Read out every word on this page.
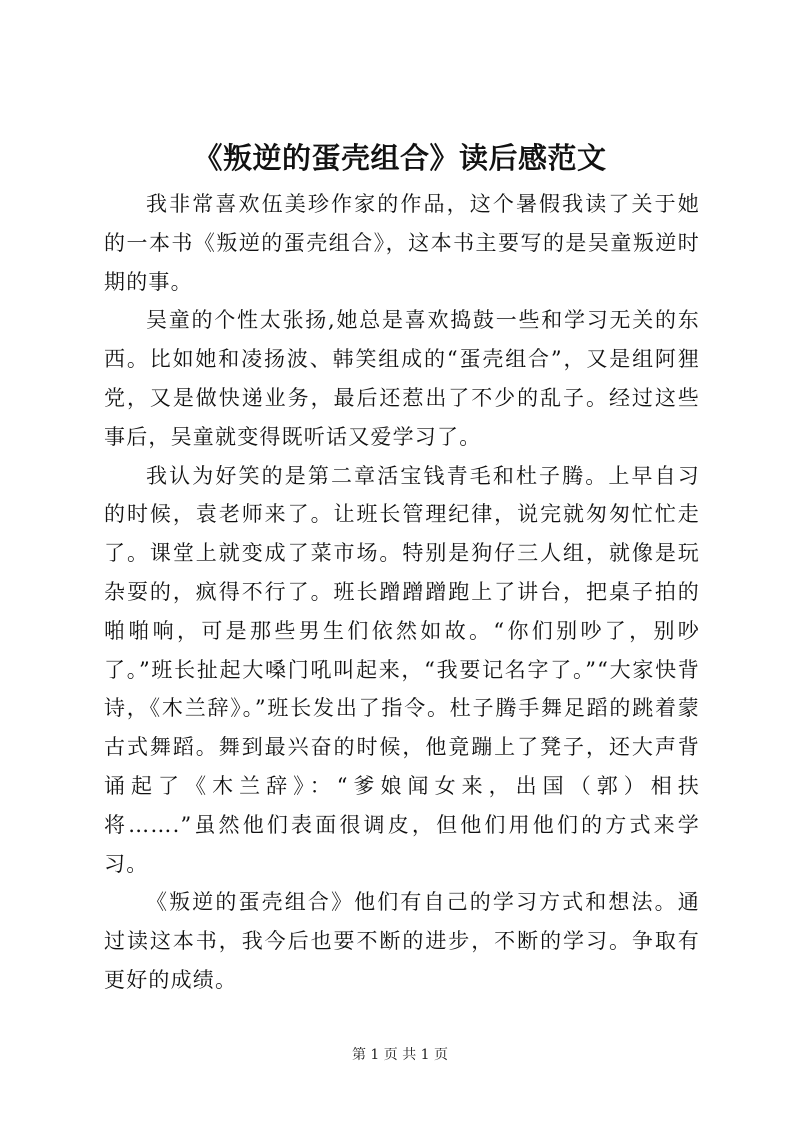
《叛逆的蛋壳组合》读后感范文

我非常喜欢伍美珍作家的作品，这个暑假我读了关于她的一本书《叛逆的蛋壳组合》，这本书主要写的是吴童叛逆时期的事。

吴童的个性太张扬,她总是喜欢捣鼓一些和学习无关的东西。比如她和凌扬波、韩笑组成的“蛋壳组合”，又是组阿狸党，又是做快递业务，最后还惹出了不少的乱子。经过这些事后，吴童就变得既听话又爱学习了。

我认为好笑的是第二章活宝钱青毛和杜子腾。上早自习的时候，袁老师来了。让班长管理纪律，说完就匆匆忙忙走了。课堂上就变成了菜市场。特别是狗仔三人组，就像是玩杂耍的，疯得不行了。班长蹭蹭蹭跑上了讲台，把桌子拍的啪啪响，可是那些男生们依然如故。“你们别吵了，别吵了。”班长扯起大嗓门吼叫起来，“我要记名字了。”“大家快背诗，《木兰辞》。”班长发出了指令。杜子腾手舞足蹈的跳着蒙古式舞蹈。舞到最兴奋的时候，他竟蹦上了凳子，还大声背诵起了《木兰辞》：“爹娘闻女来，出国（郭）相扶将…….”虽然他们表面很调皮，但他们用他们的方式来学习。

《叛逆的蛋壳组合》他们有自己的学习方式和想法。通过读这本书，我今后也要不断的进步，不断的学习。争取有更好的成绩。

第 1 页 共 1 页
